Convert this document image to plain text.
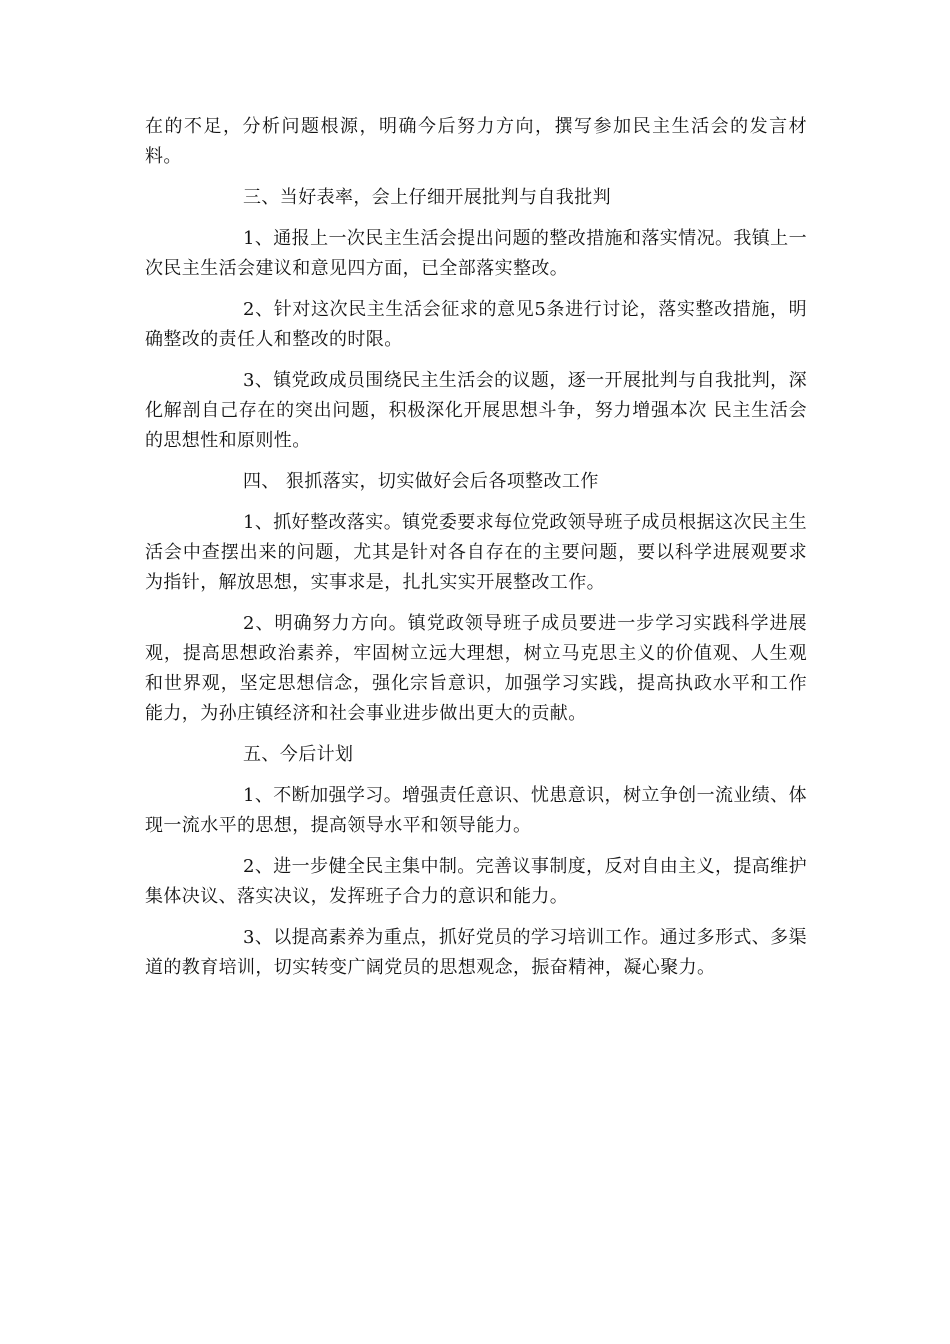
在的不足，分析问题根源，明确今后努力方向，撰写参加民主生活会的发言材料。

三、当好表率，会上仔细开展批判与自我批判

1、通报上一次民主生活会提出问题的整改措施和落实情况。我镇上一次民主生活会建议和意见四方面，已全部落实整改。

2、针对这次民主生活会征求的意见5条进行讨论，落实整改措施，明确整改的责任人和整改的时限。

3、镇党政成员围绕民主生活会的议题，逐一开展批判与自我批判，深化解剖自己存在的突出问题，积极深化开展思想斗争，努力增强本次 民主生活会的思想性和原则性。

四、 狠抓落实，切实做好会后各项整改工作

1、抓好整改落实。镇党委要求每位党政领导班子成员根据这次民主生活会中查摆出来的问题，尤其是针对各自存在的主要问题，要以科学进展观要求为指针，解放思想，实事求是，扎扎实实开展整改工作。

2、明确努力方向。镇党政领导班子成员要进一步学习实践科学进展观，提高思想政治素养，牢固树立远大理想，树立马克思主义的价值观、人生观和世界观，坚定思想信念，强化宗旨意识，加强学习实践，提高执政水平和工作能力，为孙庄镇经济和社会事业进步做出更大的贡献。

五、今后计划

1、不断加强学习。增强责任意识、忧患意识，树立争创一流业绩、体现一流水平的思想，提高领导水平和领导能力。

2、进一步健全民主集中制。完善议事制度，反对自由主义，提高维护集体决议、落实决议，发挥班子合力的意识和能力。

3、以提高素养为重点，抓好党员的学习培训工作。通过多形式、多渠道的教育培训，切实转变广阔党员的思想观念，振奋精神，凝心聚力。
